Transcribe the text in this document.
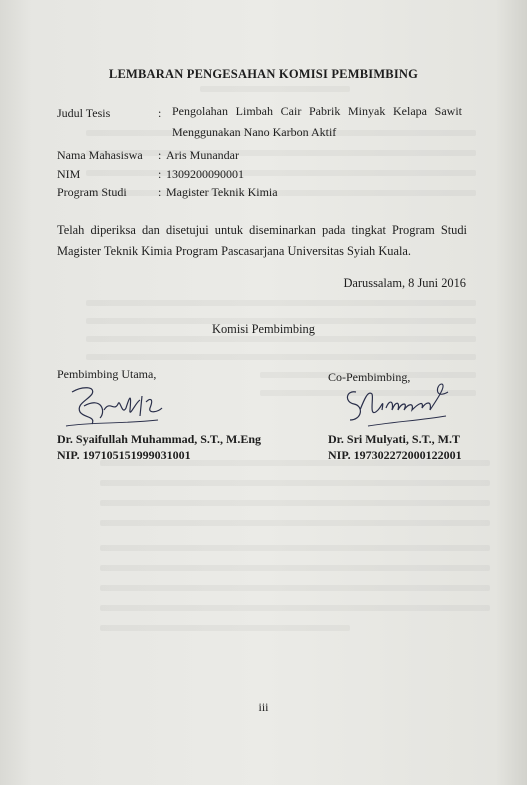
LEMBARAN PENGESAHAN KOMISI PEMBIMBING
Judul Tesis	: Pengolahan Limbah Cair Pabrik Minyak Kelapa Sawit Menggunakan Nano Karbon Aktif
Nama Mahasiswa : Aris Munandar
NIM	: 1309200090001
Program Studi	: Magister Teknik Kimia
Telah diperiksa dan disetujui untuk diseminarkan pada tingkat Program Studi Magister Teknik Kimia Program Pascasarjana Universitas Syiah Kuala.
Darussalam, 8 Juni 2016
Komisi Pembimbing
Pembimbing Utama,
Dr. Syaifullah Muhammad, S.T., M.Eng
NIP. 197105151999031001
Co-Pembimbing,
Dr. Sri Mulyati, S.T., M.T
NIP. 197302272000122001
iii
